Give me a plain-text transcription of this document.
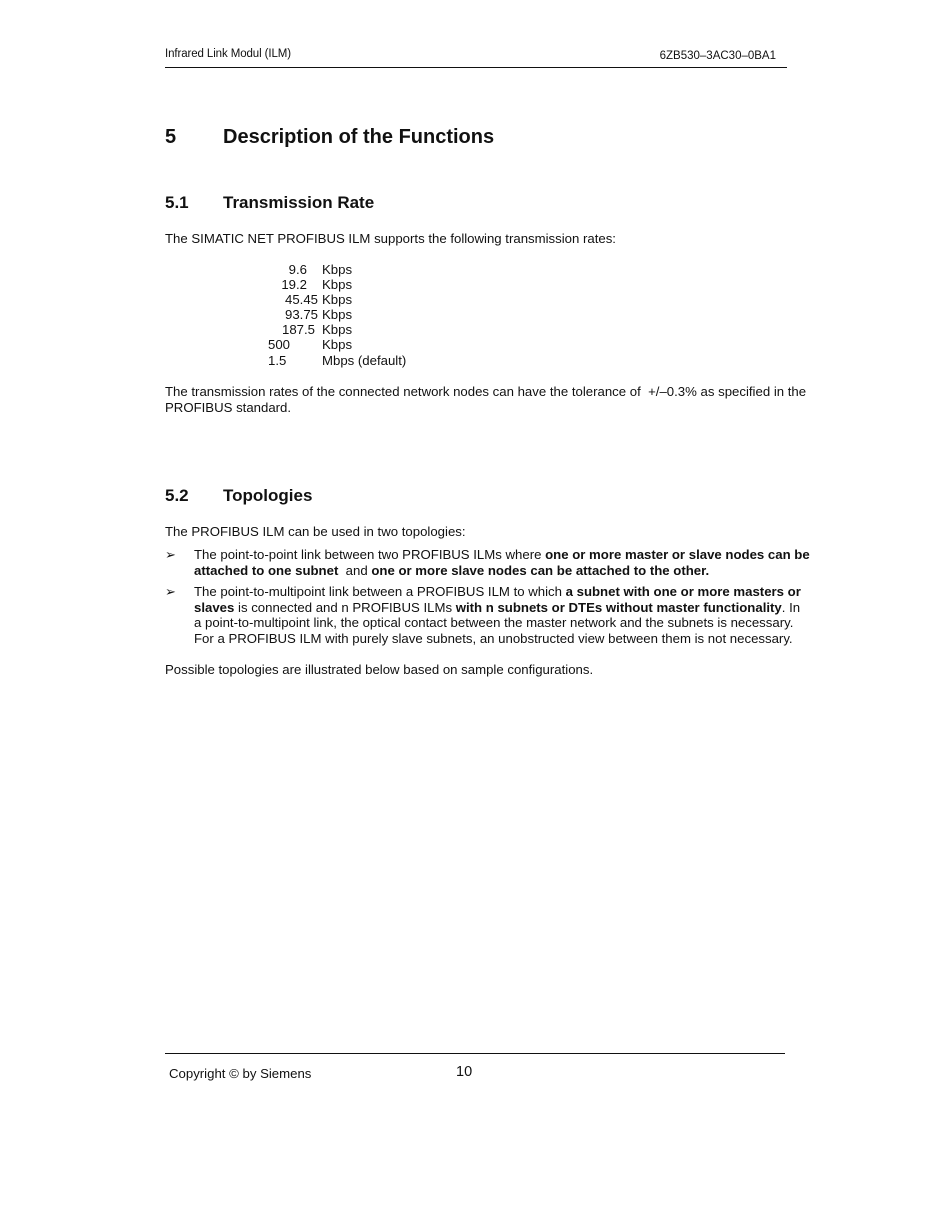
Infrared Link Modul (ILM)	6ZB530–3AC30–0BA1
5 Description of the Functions
5.1 Transmission Rate
The SIMATIC NET PROFIBUS ILM supports the following transmission rates:
9.6	Kbps
19.2	Kbps
45.45	Kbps
93.75	Kbps
187.5	Kbps
500	Kbps
1.5	Mbps (default)
The transmission rates of the connected network nodes can have the tolerance of  +/–0.3% as specified in the PROFIBUS standard.
5.2 Topologies
The PROFIBUS ILM can be used in two topologies:
➢ The point-to-point link between two PROFIBUS ILMs where one or more master or slave nodes can be attached to one subnet  and one or more slave nodes can be attached to the other.
➢ The point-to-multipoint link between a PROFIBUS ILM to which a subnet with one or more masters or slaves is connected and n PROFIBUS ILMs with n subnets or DTEs without master functionality. In a point-to-multipoint link, the optical contact between the master network and the subnets is necessary. For a PROFIBUS ILM with purely slave subnets, an unobstructed view between them is not necessary.
Possible topologies are illustrated below based on sample configurations.
Copyright © by Siemens	10
